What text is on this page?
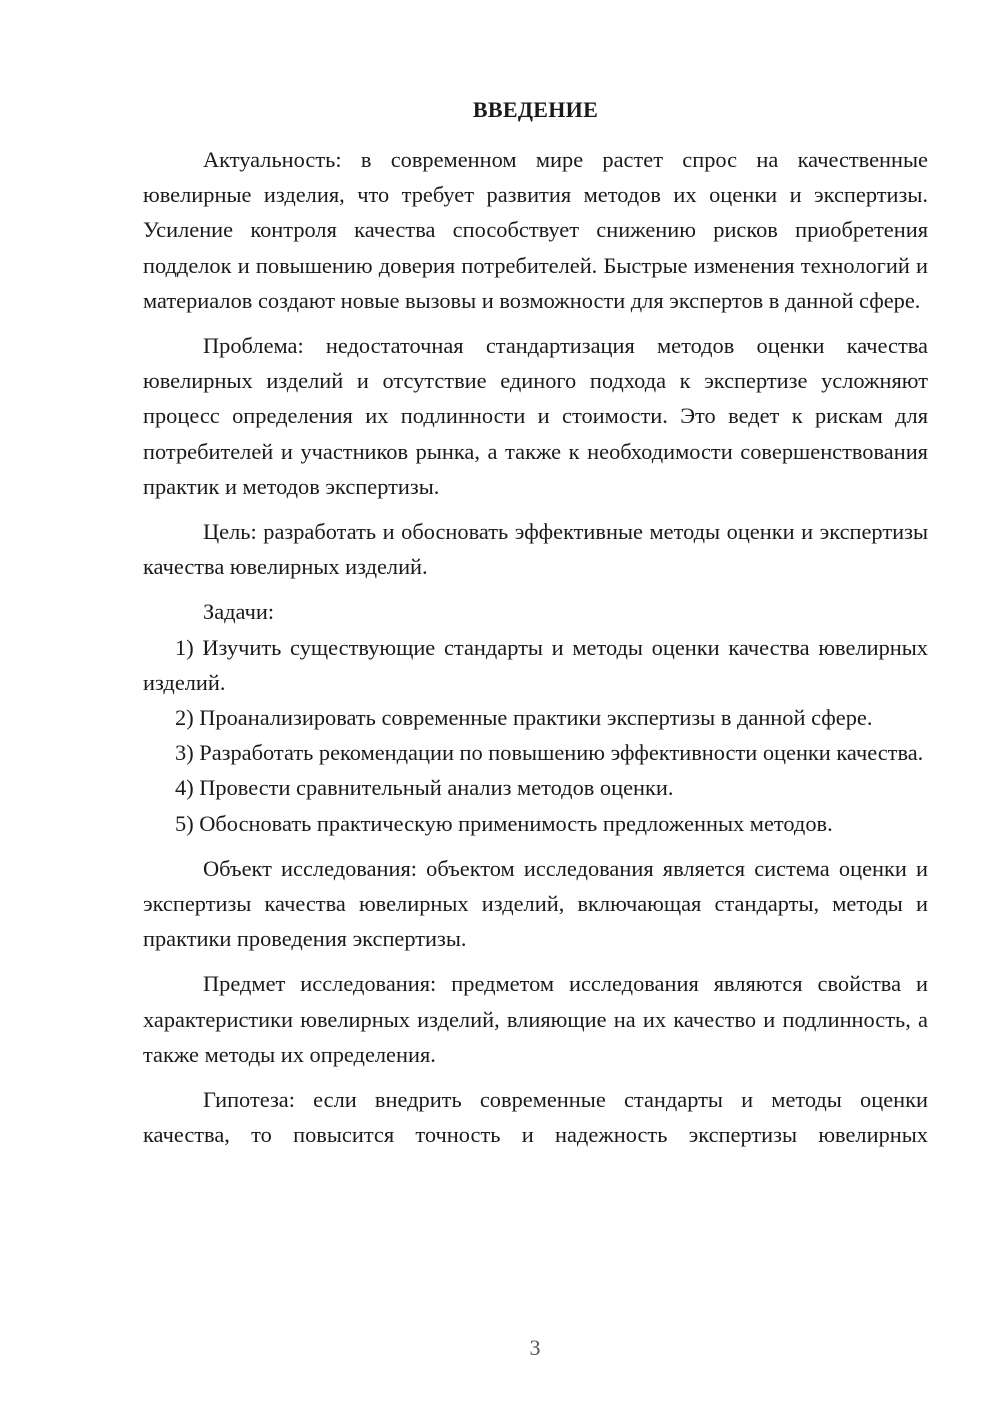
ВВЕДЕНИЕ

Актуальность: в современном мире растет спрос на качественные ювелирные изделия, что требует развития методов их оценки и экспертизы. Усиление контроля качества способствует снижению рисков приобретения подделок и повышению доверия потребителей. Быстрые изменения технологий и материалов создают новые вызовы и возможности для экспертов в данной сфере.

Проблема: недостаточная стандартизация методов оценки качества ювелирных изделий и отсутствие единого подхода к экспертизе усложняют процесс определения их подлинности и стоимости. Это ведет к рискам для потребителей и участников рынка, а также к необходимости совершенствования практик и методов экспертизы.

Цель: разработать и обосновать эффективные методы оценки и экспертизы качества ювелирных изделий.

Задачи:

1) Изучить существующие стандарты и методы оценки качества ювелирных изделий.

2) Проанализировать современные практики экспертизы в данной сфере.

3) Разработать рекомендации по повышению эффективности оценки качества.

4) Провести сравнительный анализ методов оценки.

5) Обосновать практическую применимость предложенных методов.

Объект исследования: объектом исследования является система оценки и экспертизы качества ювелирных изделий, включающая стандарты, методы и практики проведения экспертизы.

Предмет исследования: предметом исследования являются свойства и характеристики ювелирных изделий, влияющие на их качество и подлинность, а также методы их определения.

Гипотеза: если внедрить современные стандарты и методы оценки качества, то повысится точность и надежность экспертизы ювелирных

3
